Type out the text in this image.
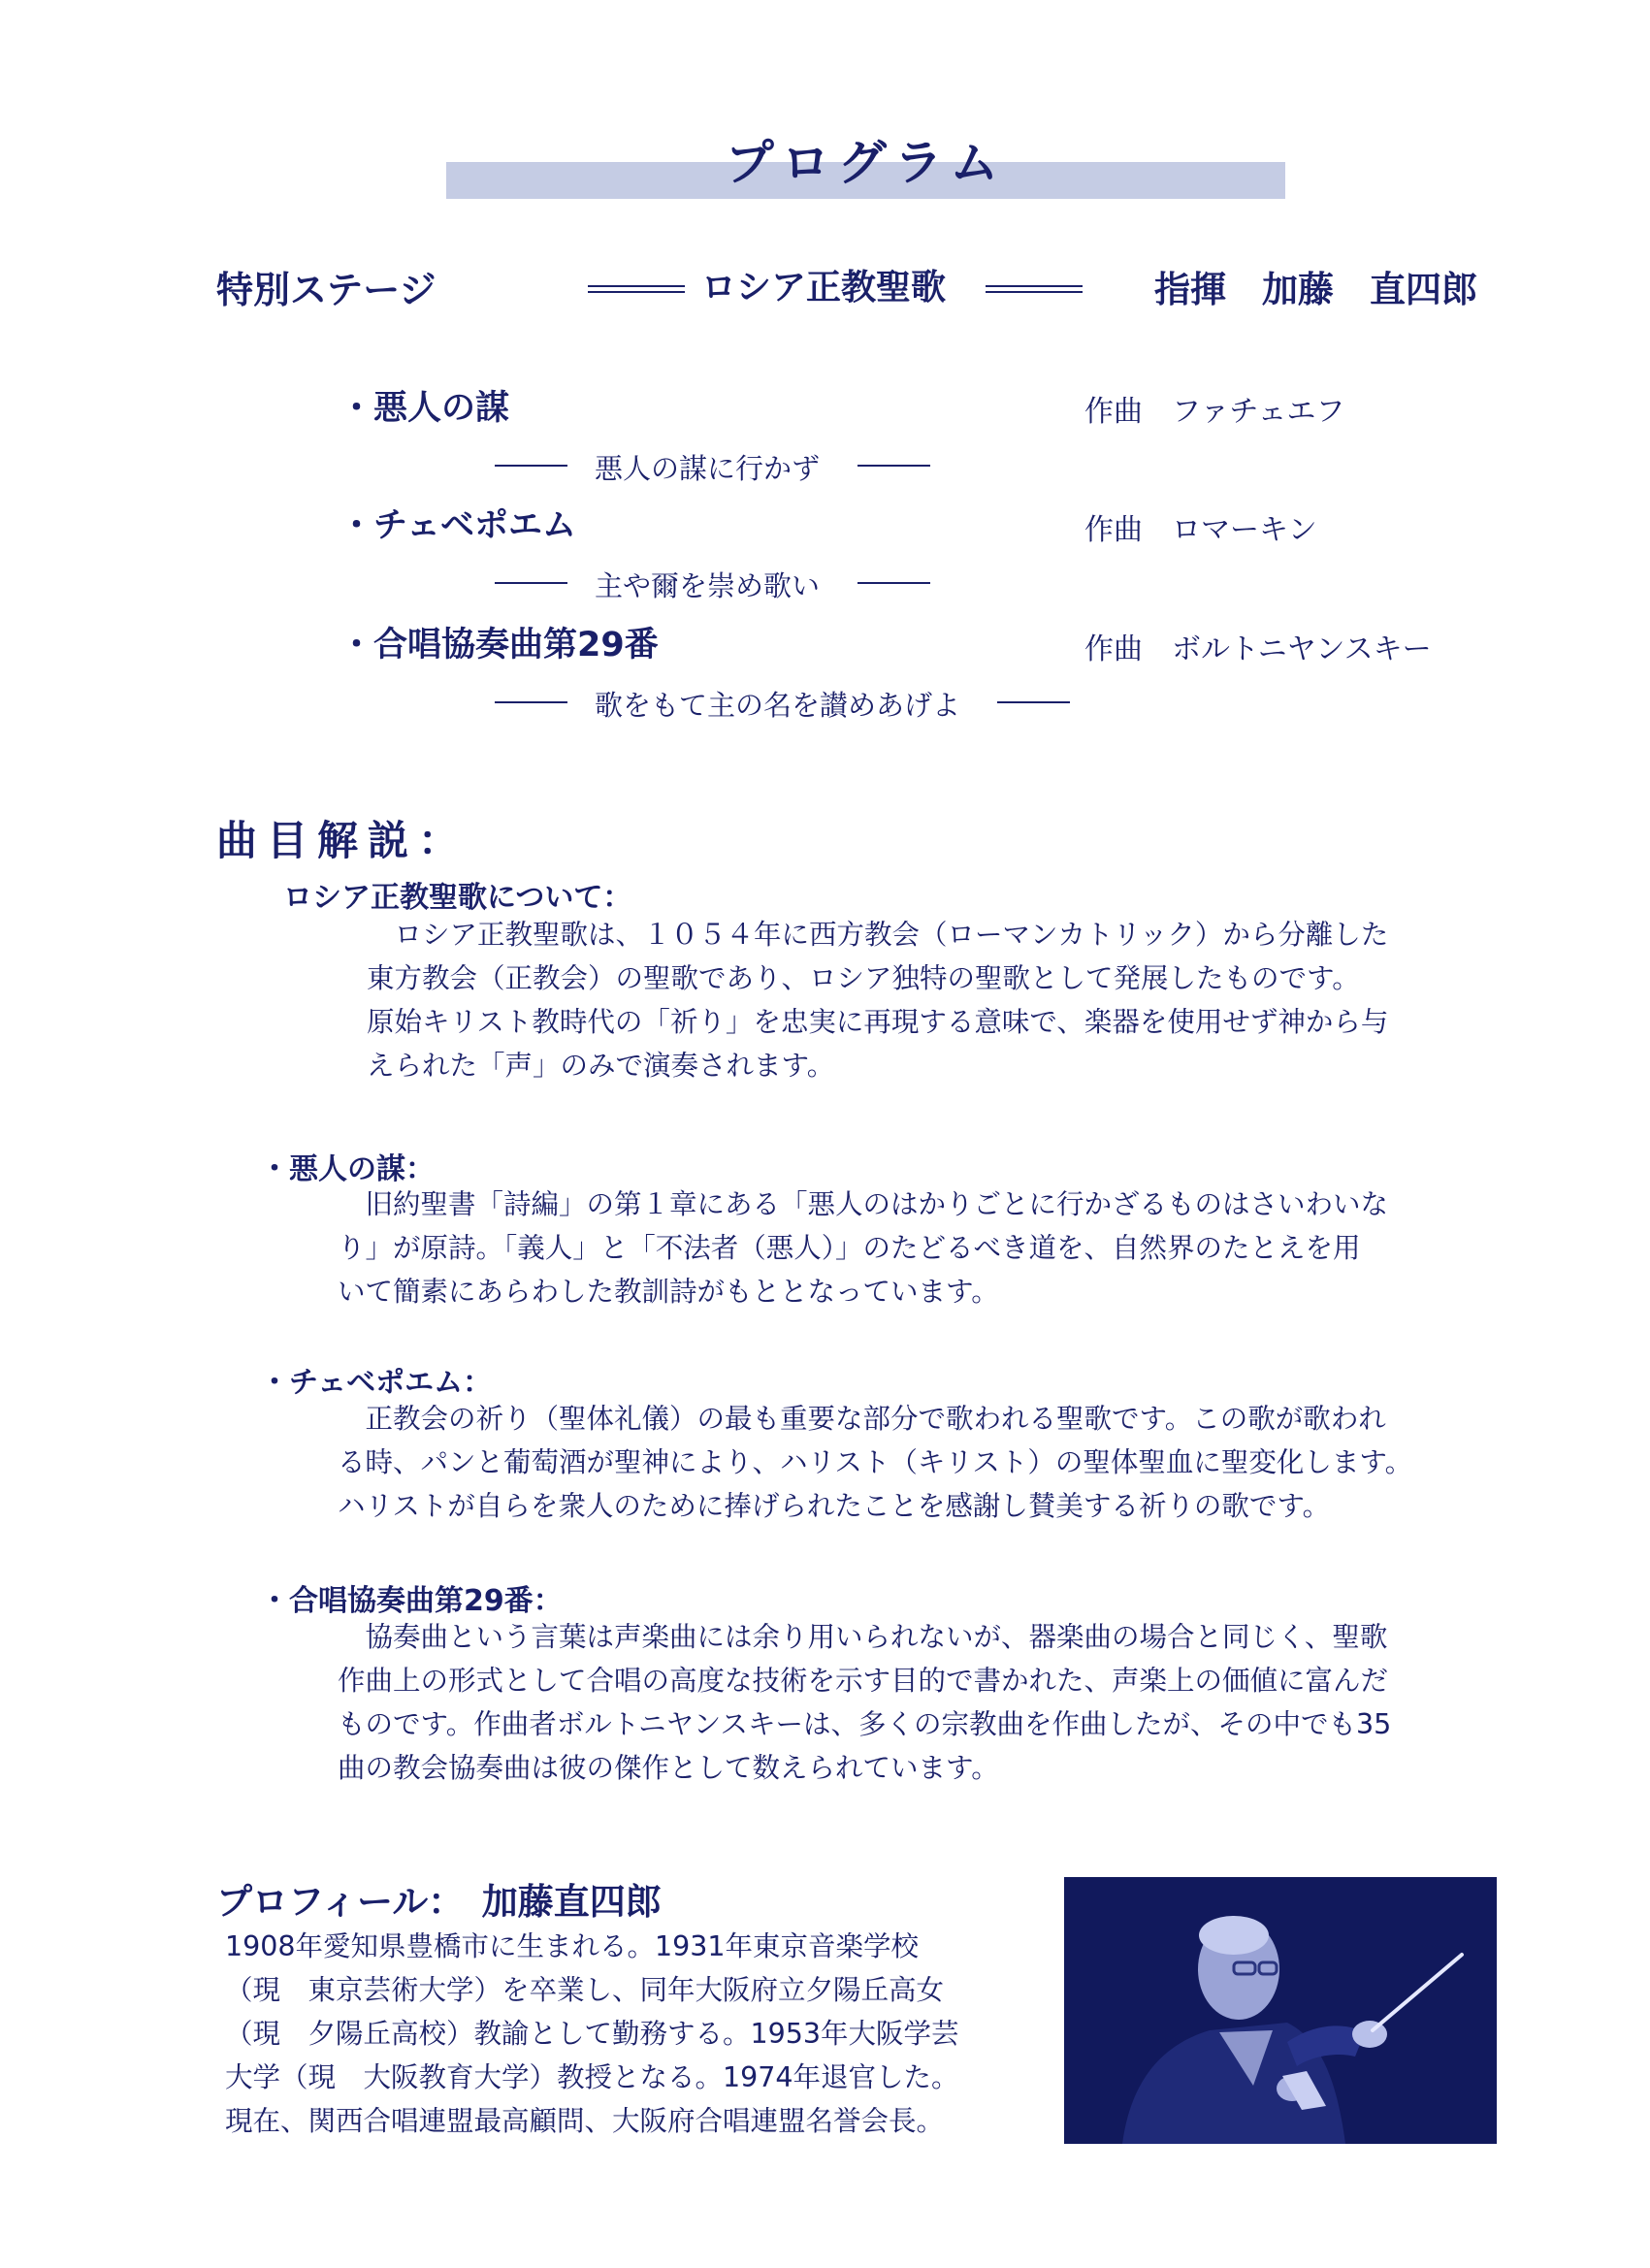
プログラム
特別ステージ	ロシア正教聖歌	指揮　加藤　直四郎
・悪人の謀	作曲　ファチェエフ
悪人の謀に行かず
・チェベポエム	作曲　ロマーキン
主や爾を崇め歌い
・合唱協奏曲第29番	作曲　ボルトニヤンスキー
歌をもて主の名を讃めあげよ
曲目解説：
ロシア正教聖歌について：
　ロシア正教聖歌は、１０５４年に西方教会（ローマンカトリック）から分離した
東方教会（正教会）の聖歌であり、ロシア独特の聖歌として発展したものです。
原始キリスト教時代の「祈り」を忠実に再現する意味で、楽器を使用せず神から与
えられた「声」のみで演奏されます。
・悪人の謀：
　旧約聖書「詩編」の第１章にある「悪人のはかりごとに行かざるものはさいわいな
り」が原詩。「義人」と「不法者（悪人）」のたどるべき道を、自然界のたとえを用
いて簡素にあらわした教訓詩がもととなっています。
・チェベポエム：
　正教会の祈り（聖体礼儀）の最も重要な部分で歌われる聖歌です。この歌が歌われ
る時、パンと葡萄酒が聖神により、ハリスト（キリスト）の聖体聖血に聖変化します。
ハリストが自らを衆人のために捧げられたことを感謝し賛美する祈りの歌です。
・合唱協奏曲第29番：
　協奏曲という言葉は声楽曲には余り用いられないが、器楽曲の場合と同じく、聖歌
作曲上の形式として合唱の高度な技術を示す目的で書かれた、声楽上の価値に富んだ
ものです。作曲者ボルトニヤンスキーは、多くの宗教曲を作曲したが、その中でも35
曲の教会協奏曲は彼の傑作として数えられています。
プロフィール：　加藤直四郎
1908年愛知県豊橋市に生まれる。1931年東京音楽学校
（現　東京芸術大学）を卒業し、同年大阪府立夕陽丘高女
（現　夕陽丘高校）教諭として勤務する。1953年大阪学芸
大学（現　大阪教育大学）教授となる。1974年退官した。
現在、関西合唱連盟最高顧問、大阪府合唱連盟名誉会長。
